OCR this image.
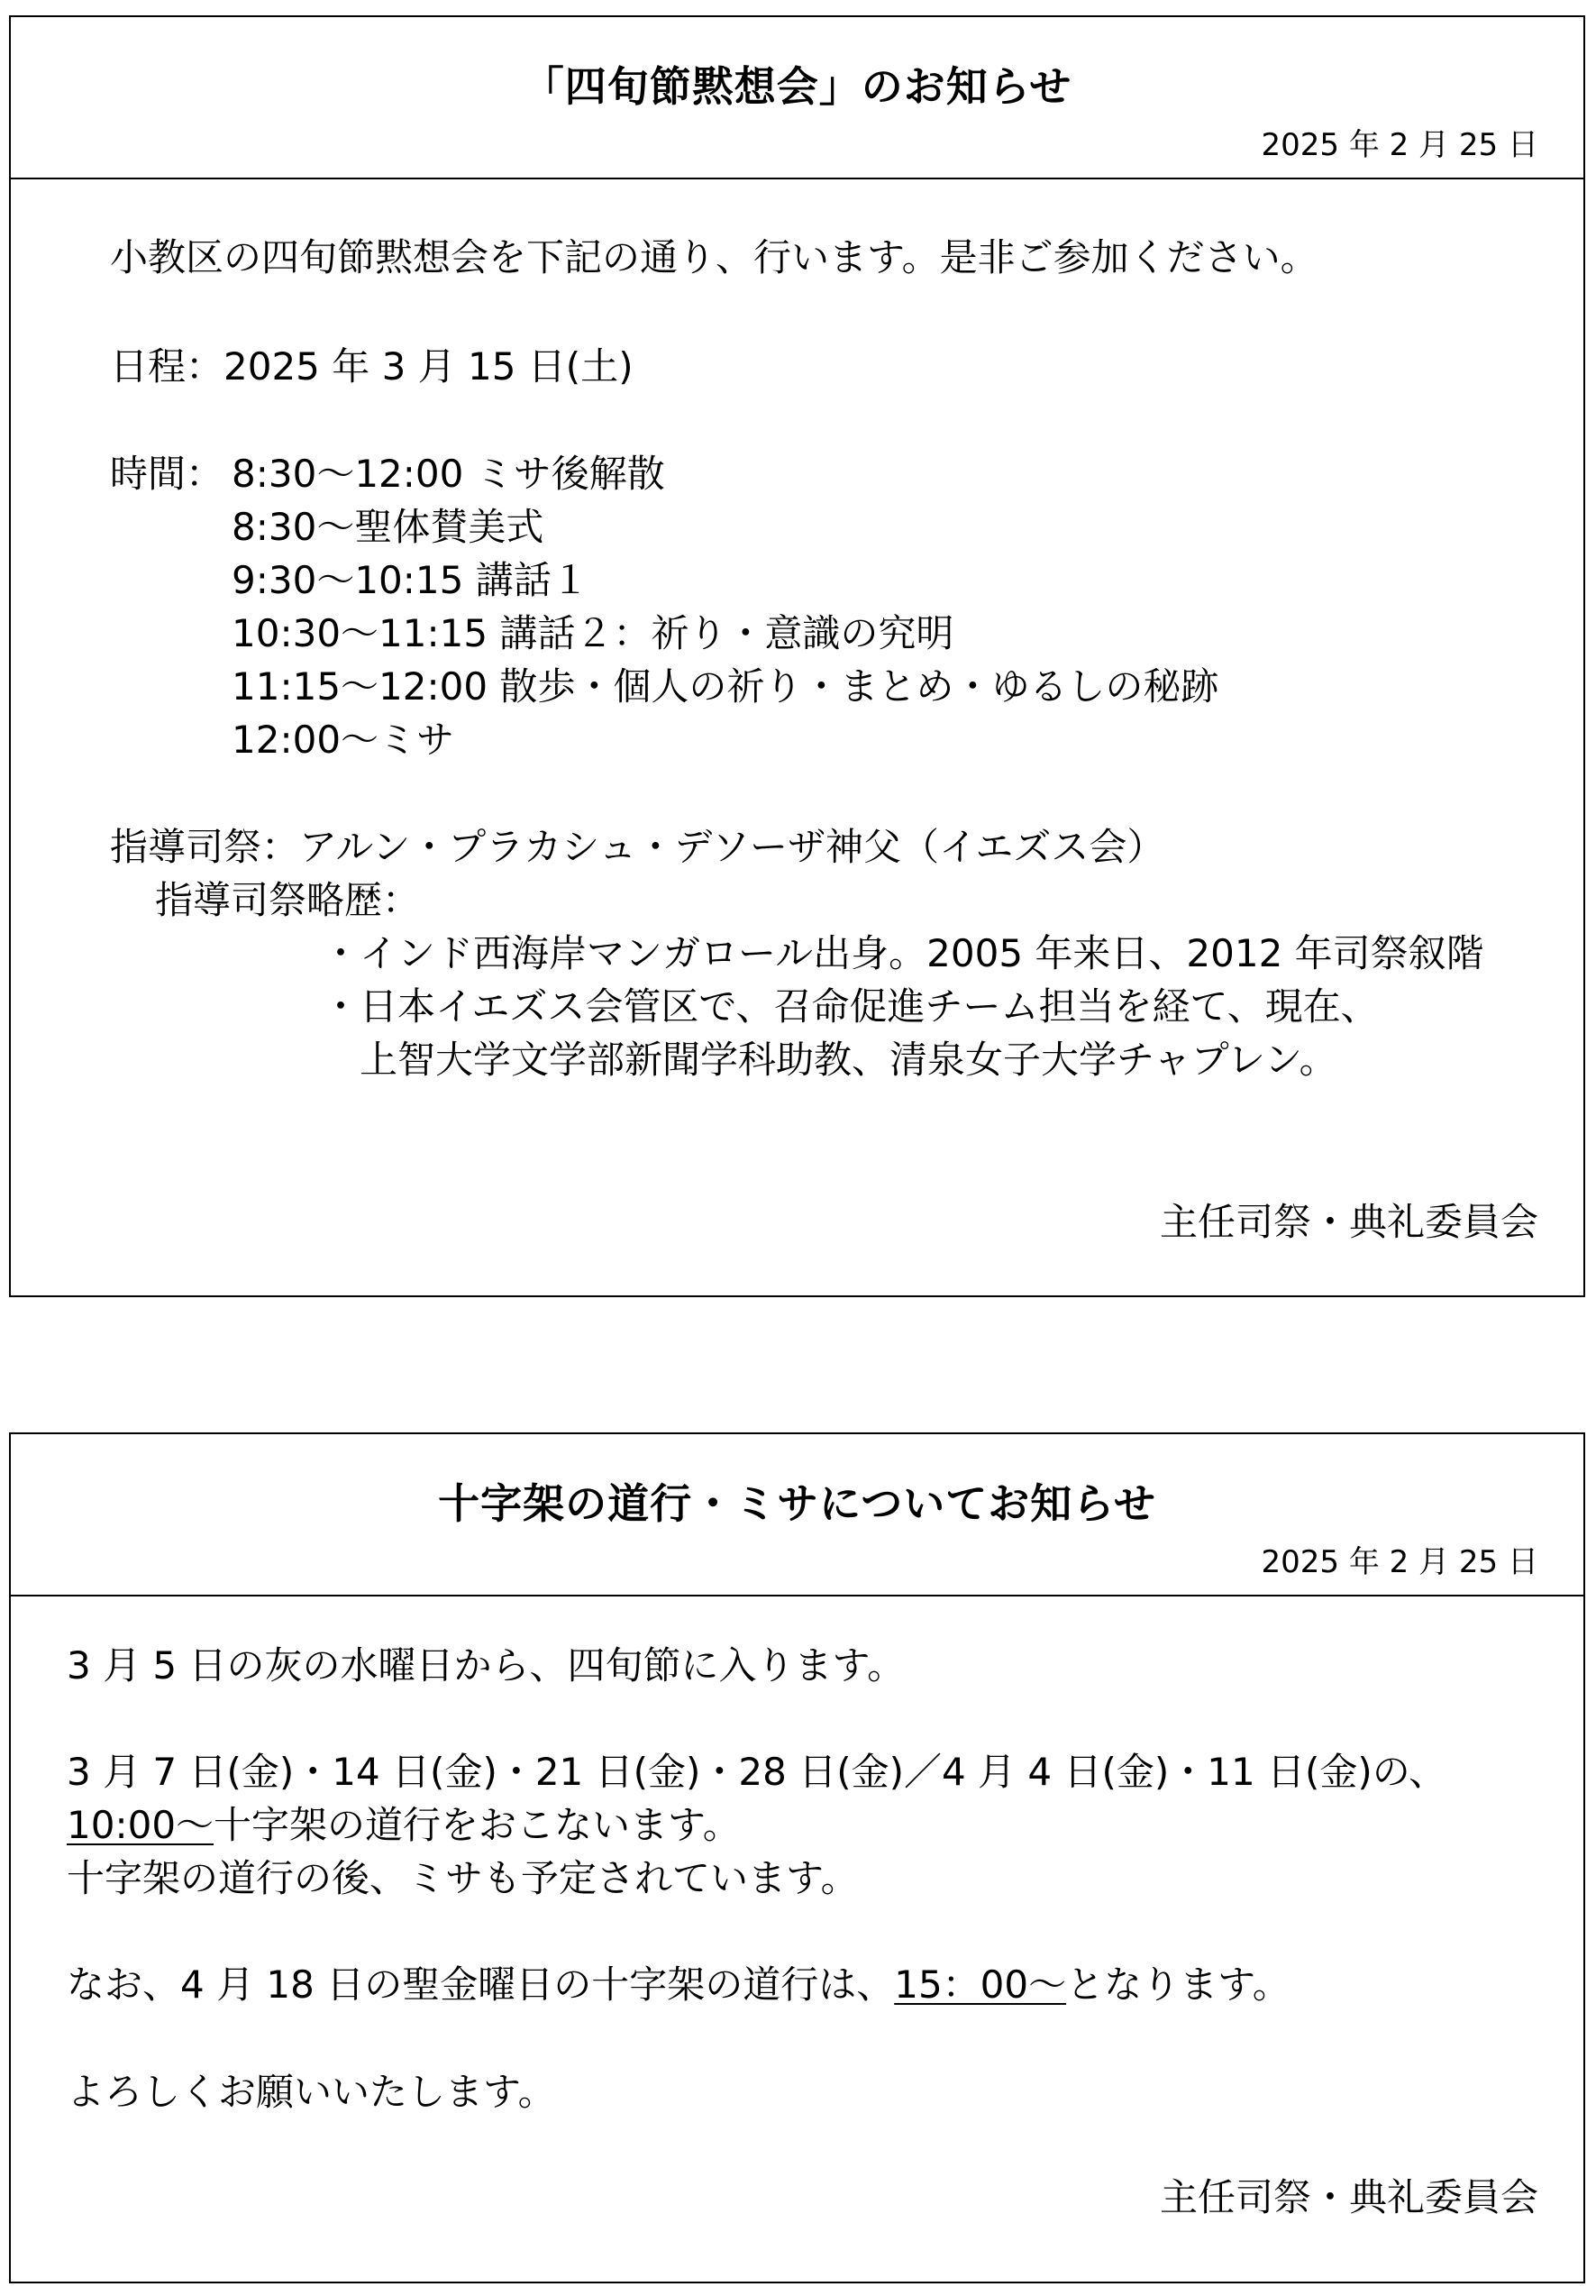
「四旬節黙想会」のお知らせ
2025 年 2 月 25 日
小教区の四旬節黙想会を下記の通り、行います。是非ご参加ください。
日程：2025 年 3 月 15 日(土)
時間： 8:30～12:00 ミサ後解散
8:30～聖体賛美式
9:30～10:15 講話１
10:30～11:15 講話２：祈り・意識の究明
11:15～12:00 散歩・個人の祈り・まとめ・ゆるしの秘跡
12:00～ミサ
指導司祭：アルン・プラカシュ・デソーザ神父（イエズス会）
指導司祭略歴：
・インド西海岸マンガロール出身。2005 年来日、2012 年司祭叙階
・日本イエズス会管区で、召命促進チーム担当を経て、現在、
上智大学文学部新聞学科助教、清泉女子大学チャプレン。
主任司祭・典礼委員会
十字架の道行・ミサについてお知らせ
2025 年 2 月 25 日
3 月 5 日の灰の水曜日から、四旬節に入ります。
3 月 7 日(金)・14 日(金)・21 日(金)・28 日(金)／4 月 4 日(金)・11 日(金)の、
10:00～十字架の道行をおこないます。
十字架の道行の後、ミサも予定されています。
なお、4 月 18 日の聖金曜日の十字架の道行は、15：00～となります。
よろしくお願いいたします。
主任司祭・典礼委員会
